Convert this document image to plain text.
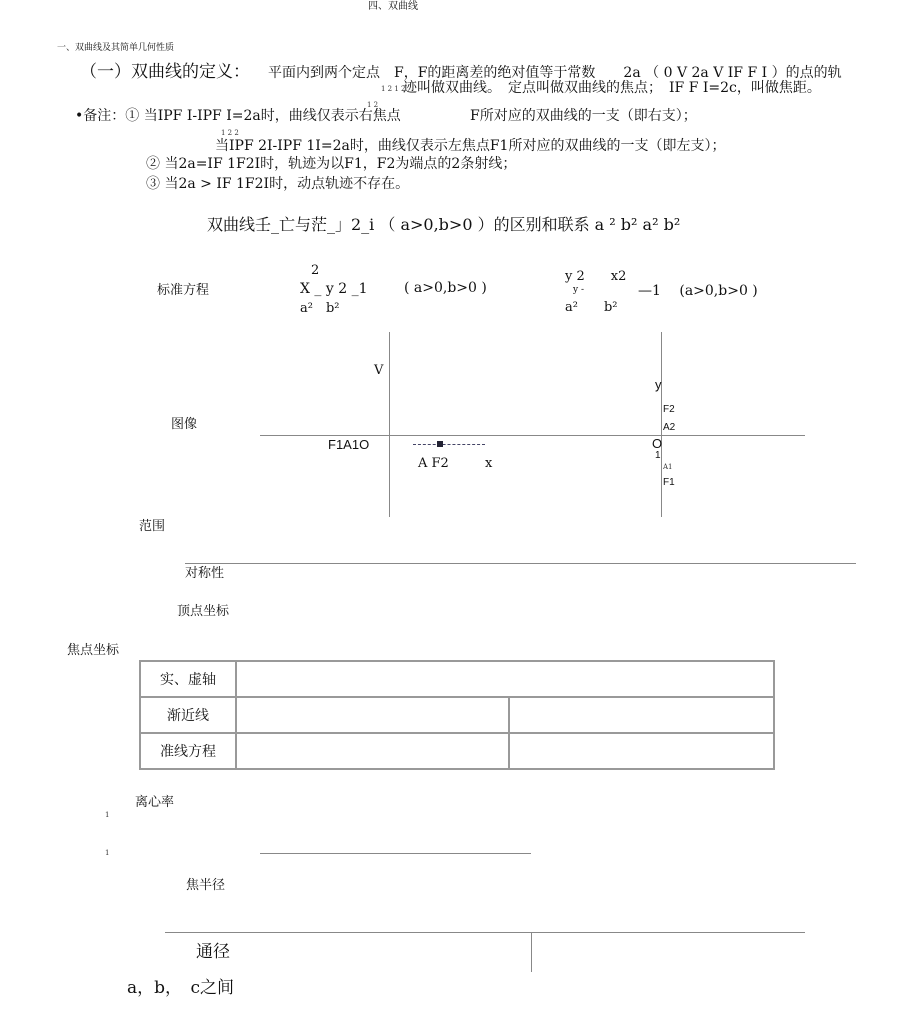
四、双曲线
一、双曲线及其简单几何性质
（一）双曲线的定义： 平面内到两个定点　F，F的距离差的绝对值等于常数　　2a （ 0 V 2a V IF F I ）的点的轨
1 2 1 2
迹叫做双曲线。　定点叫做双曲线的焦点；　IF F I=2c，叫做焦距。
•备注：① 当IPF I-IPF I=2a时，曲线仅表示右焦点
1 2
F所对应的双曲线的一支（即右支）；
1 2 2
当IPF 2I-IPF 1I=2a时，曲线仅表示左焦点F1所对应的双曲线的一支（即左支）；
② 当2a=IF 1F2I时，轨迹为以F1，F2为端点的2条射线；
③ 当2a > IF 1F2I时，动点轨迹不存在。
双曲线壬_亡与茫_」2_i （ a>0,b>0 ）的区别和联系 a ² b² a² b²
标准方程
2
X _ y 2 _1
a²　b²
( a>0,b>0 )
y 2　　x2
y -	—1　 (a>0,b>0 )
a²　　b²
图像
V
F1A1O
A F2	x
y
F2
A2
O
1
A1
F1
范围
对称性
顶点坐标
焦点坐标
实、虚轴		
渐近线		
准线方程		
离心率
1
1
焦半径
通径
a，b，　c之间
